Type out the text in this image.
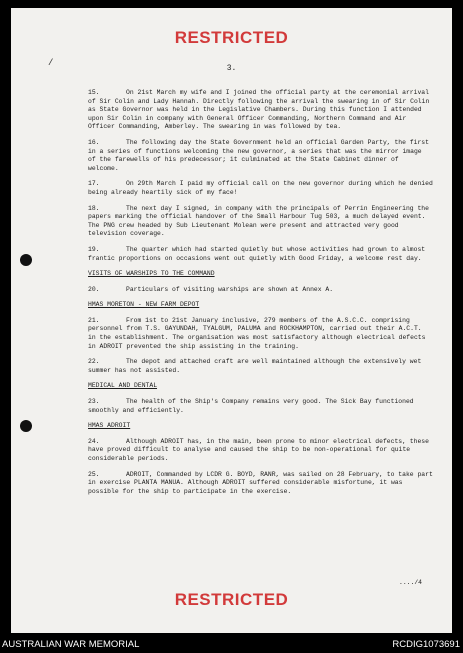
RESTRICTED
3.
/
15.	On 21st March my wife and I joined the official party at the ceremonial arrival of Sir Colin and Lady Hannah. Directly following the arrival the swearing in of Sir Colin as State Governor was held in the Legislative Chambers. During this function I attended upon Sir Colin in company with General Officer Commanding, Northern Command and Air Officer Commanding, Amberley. The swearing in was followed by tea.
16.	The following day the State Government held an official Garden Party, the first in a series of functions welcoming the new governor, a series that was the mirror image of the farewells of his predecessor; it culminated at the State Cabinet dinner of welcome.
17.	On 29th March I paid my official call on the new governor during which he denied being already heartily sick of my face!
18.	The next day I signed, in company with the principals of Perrin Engineering the papers marking the official handover of the Small Harbour Tug 503, a much delayed event. The PNG crew headed by Sub Lieutenant Molean were present and attracted very good television coverage.
19.	The quarter which had started quietly but whose activities had grown to almost frantic proportions on occasions went out quietly with Good Friday, a welcome rest day.
VISITS OF WARSHIPS TO THE COMMAND
20.	Particulars of visiting warships are shown at Annex A.
HMAS MORETON - NEW FARM DEPOT
21.	From 1st to 21st January inclusive, 279 members of the A.S.C.C. comprising personnel from T.S. GAYUNDAH, TYALGUM, PALUMA and ROCKHAMPTON, carried out their A.C.T. in the establishment. The organisation was most satisfactory although electrical defects in ADROIT prevented the ship assisting in the training.
22.	The depot and attached craft are well maintained although the extensively wet summer has not assisted.
MEDICAL AND DENTAL
23.	The health of the Ship's Company remains very good. The Sick Bay functioned smoothly and efficiently.
HMAS ADROIT
24.	Although ADROIT has, in the main, been prone to minor electrical defects, these have proved difficult to analyse and caused the ship to be non-operational for quite considerable periods.
25.	ADROIT, Commanded by LCDR G. BOYD, RANR, was sailed on 28 February, to take part in exercise PLANTA MANUA. Although ADROIT suffered considerable misfortune, it was possible for the ship to participate in the exercise.
..../4
RESTRICTED
AUSTRALIAN WAR MEMORIAL	RCDIG1073691
